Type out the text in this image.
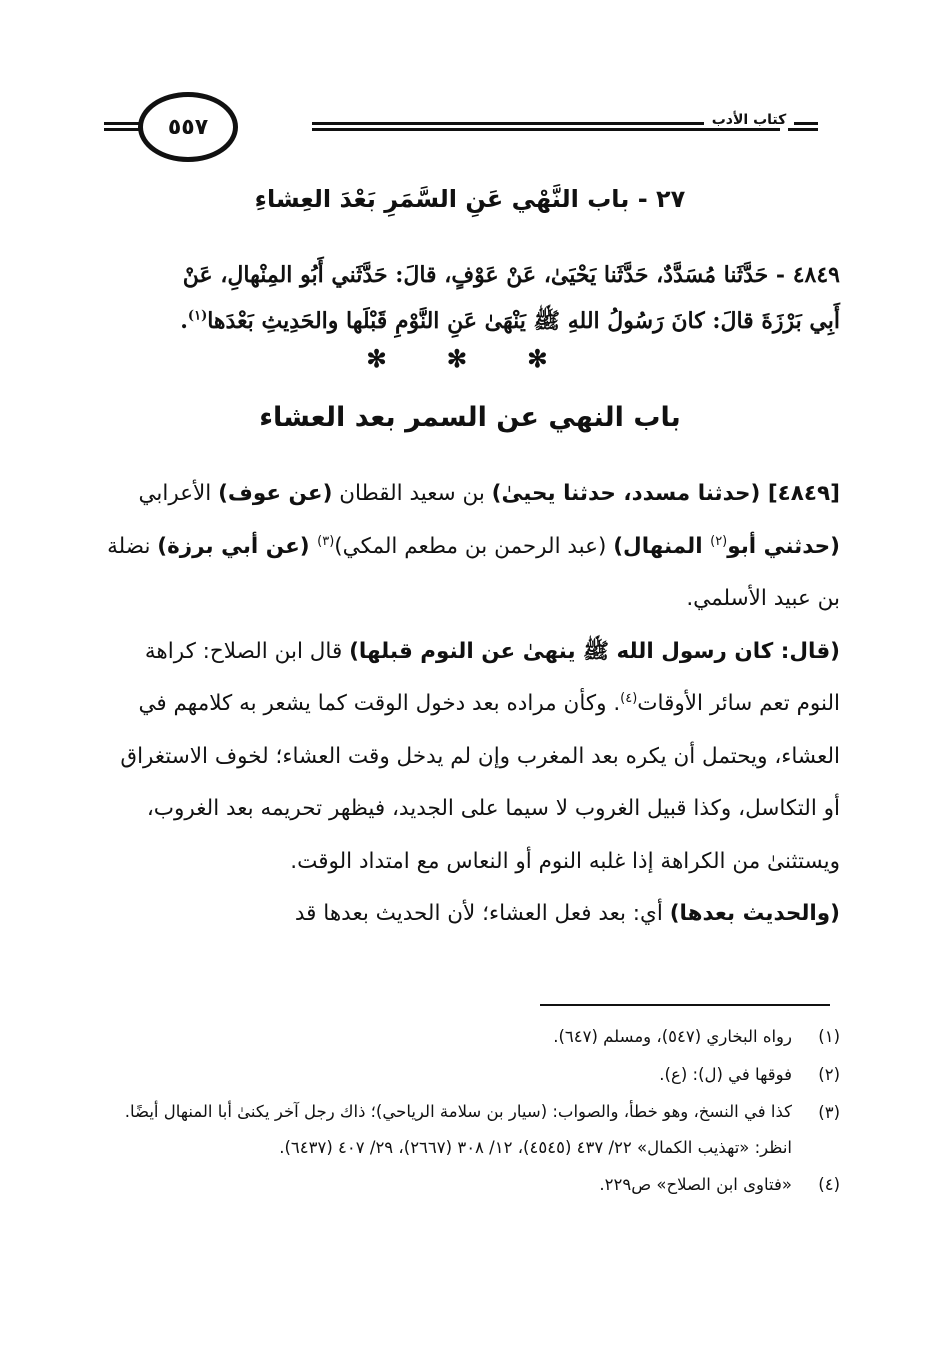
٥٥٧	كتاب الأدب
٢٧ - باب النَّهْي عَنِ السَّمَرِ بَعْدَ العِشاءِ
٤٨٤٩ - حَدَّثَنا مُسَدَّدٌ، حَدَّثَنا يَحْيَىٰ، عَنْ عَوْفٍ، قالَ: حَدَّثَني أَبُو المِنْهالِ، عَنْ
أَبِي بَرْزَةَ قالَ: كانَ رَسُولُ اللهِ ﷺ يَنْهَىٰ عَنِ النَّوْمِ قَبْلَها والحَدِيثِ بَعْدَها$^{(١)}$.
✻ ✻ ✻
باب النهي عن السمر بعد العشاء

[٤٨٤٩] (حدثنا مسدد، حدثنا يحيىٰ) بن سعيد القطان (عن عوف) الأعرابي (حدثني أبو$^{(٢)}$ المنهال) (عبد الرحمن بن مطعم المكي)$^{(٣)}$ (عن أبي برزة) نضلة بن عبيد الأسلمي.

(قال: كان رسول الله ﷺ ينهىٰ عن النوم قبلها) قال ابن الصلاح: كراهة النوم تعم سائر الأوقات$^{(٤)}$. وكأن مراده بعد دخول الوقت كما يشعر به كلامهم في العشاء، ويحتمل أن يكره بعد المغرب وإن لم يدخل وقت العشاء؛ لخوف الاستغراق أو التكاسل، وكذا قبيل الغروب لا سيما على الجديد، فيظهر تحريمه بعد الغروب، ويستثنىٰ من الكراهة إذا غلبه النوم أو النعاس مع امتداد الوقت.

(والحديث بعدها) أي: بعد فعل العشاء؛ لأن الحديث بعدها قد

(١)
رواه البخاري (٥٤٧)، ومسلم (٦٤٧).
(٢)
فوقها في (ل): (ع).
(٣)
كذا في النسخ، وهو خطأ، والصواب: (سيار بن سلامة الرياحي)؛ ذاك رجل آخر يكنىٰ أبا المنهال أيضًا. انظر: «تهذيب الكمال» ٢٢/ ٤٣٧ (٤٥٤٥)، ١٢/ ٣٠٨ (٢٦٦٧)، ٢٩/ ٤٠٧ (٦٤٣٧).
(٤)
«فتاوى ابن الصلاح» ص٢٢٩.
